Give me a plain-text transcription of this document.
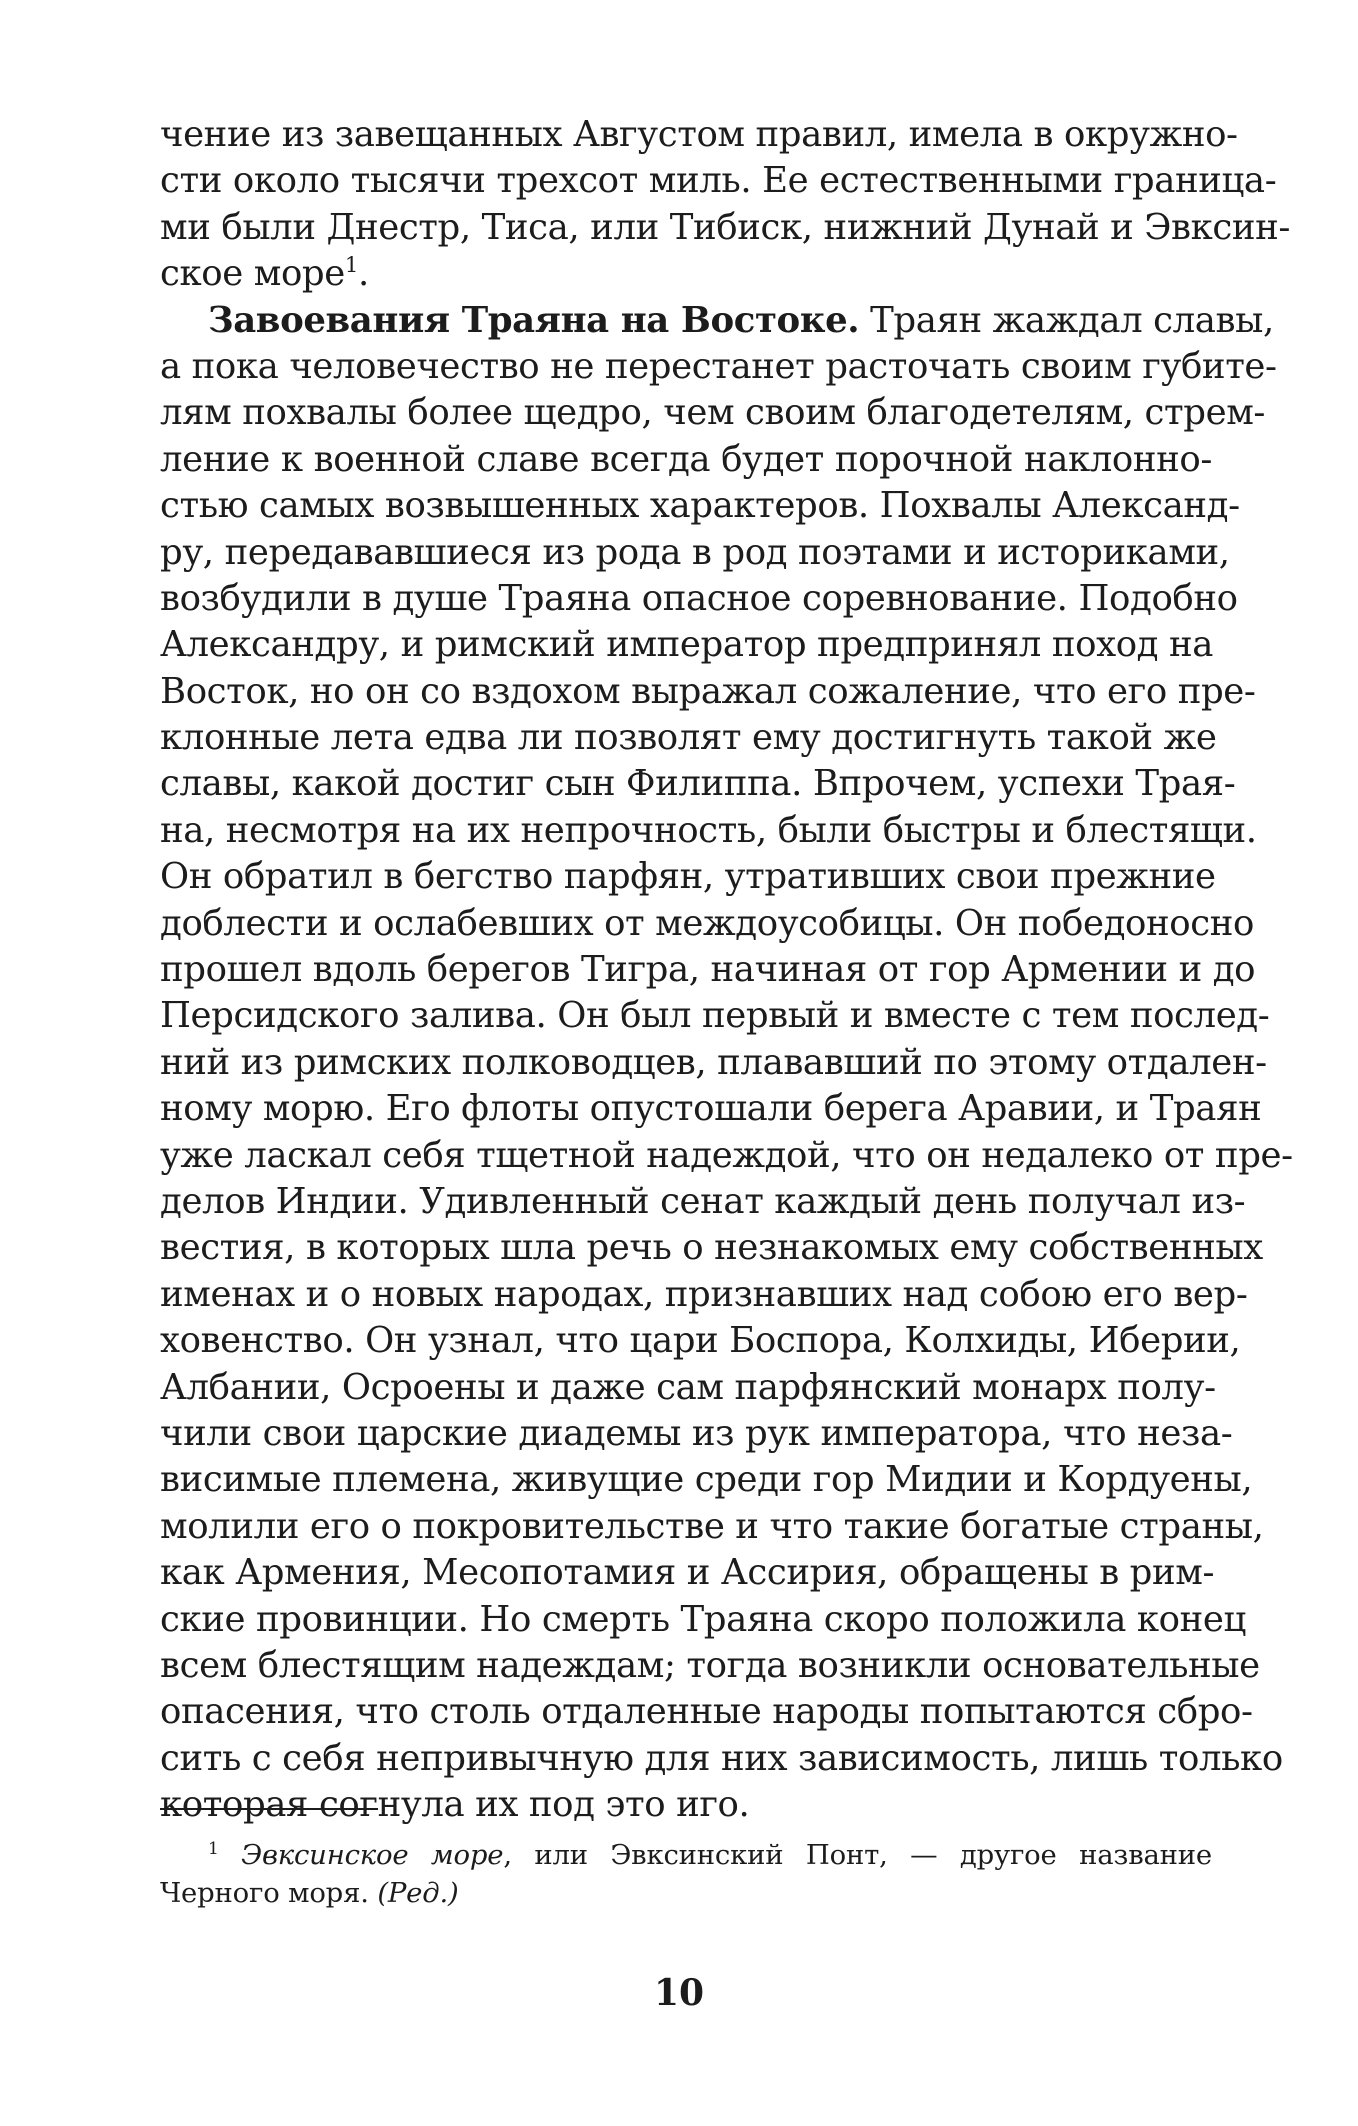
чение из завещанных Августом правил, имела в окружно-
сти около тысячи трехсот миль. Ее естественными граница-
ми были Днестр, Тиса, или Тибиск, нижний Дунай и Эвксин-
ское море$^1$.
Завоевания Траяна на Востоке. Траян жаждал славы,
а пока человечество не перестанет расточать своим губите-
лям похвалы более щедро, чем своим благодетелям, стрем-
ление к военной славе всегда будет порочной наклонно-
стью самых возвышенных характеров. Похвалы Александ-
ру, передававшиеся из рода в род поэтами и историками,
возбудили в душе Траяна опасное соревнование. Подобно
Александру, и римский император предпринял поход на
Восток, но он со вздохом выражал сожаление, что его пре-
клонные лета едва ли позволят ему достигнуть такой же
славы, какой достиг сын Филиппа. Впрочем, успехи Трая-
на, несмотря на их непрочность, были быстры и блестящи.
Он обратил в бегство парфян, утративших свои прежние
доблести и ослабевших от междоусобицы. Он победоносно
прошел вдоль берегов Тигра, начиная от гор Армении и до
Персидского залива. Он был первый и вместе с тем послед-
ний из римских полководцев, плававший по этому отдален-
ному морю. Его флоты опустошали берега Аравии, и Траян
уже ласкал себя тщетной надеждой, что он недалеко от пре-
делов Индии. Удивленный сенат каждый день получал из-
вестия, в которых шла речь о незнакомых ему собственных
именах и о новых народах, признавших над собою его вер-
ховенство. Он узнал, что цари Боспора, Колхиды, Иберии,
Албании, Осроены и даже сам парфянский монарх полу-
чили свои царские диадемы из рук императора, что неза-
висимые племена, живущие среди гор Мидии и Кордуены,
молили его о покровительстве и что такие богатые страны,
как Армения, Месопотамия и Ассирия, обращены в рим-
ские провинции. Но смерть Траяна скоро положила конец
всем блестящим надеждам; тогда возникли основательные
опасения, что столь отдаленные народы попытаются сбро-
сить с себя непривычную для них зависимость, лишь только
которая согнула их под это иго.
$^1$ Эвксинское море, или Эвксинский Понт, — другое название
Черного моря. (Ред.)
10
